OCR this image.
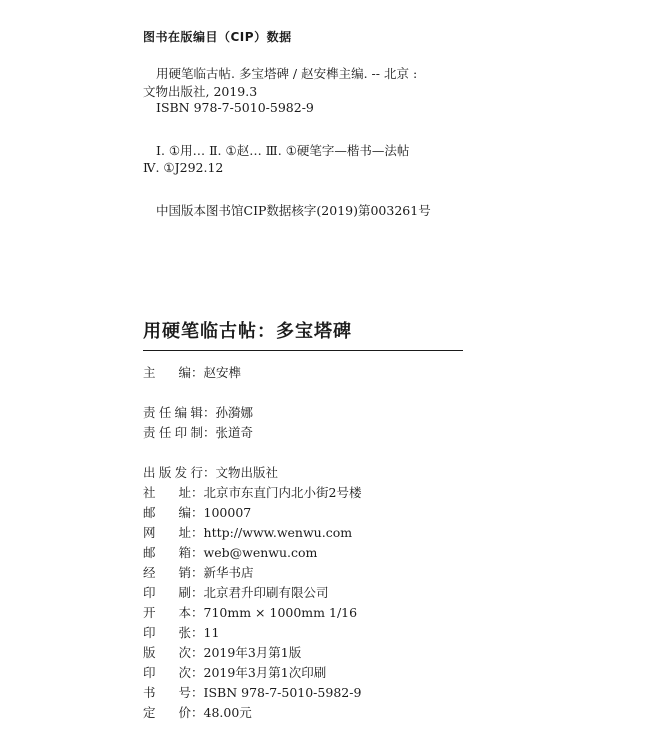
图书在版编目（CIP）数据
用硬笔临古帖. 多宝塔碑 / 赵安榫主编. -- 北京 :
文物出版社, 2019.3
ISBN 978-7-5010-5982-9
Ⅰ. ①用… Ⅱ. ①赵… Ⅲ. ①硬笔字—楷书—法帖
Ⅳ. ①J292.12
中国版本图书馆CIP数据核字(2019)第003261号
用硬笔临古帖：多宝塔碑
主编：赵安榫
责任编辑：孙漪娜
责任印制：张道奇
出版发行：文物出版社
社址：北京市东直门内北小街2号楼
邮编：100007
网址：http://www.wenwu.com
邮箱：web@wenwu.com
经销：新华书店
印刷：北京君升印刷有限公司
开本：710mm × 1000mm 1/16
印张：11
版次：2019年3月第1版
印次：2019年3月第1次印刷
书号：ISBN 978-7-5010-5982-9
定价：48.00元
